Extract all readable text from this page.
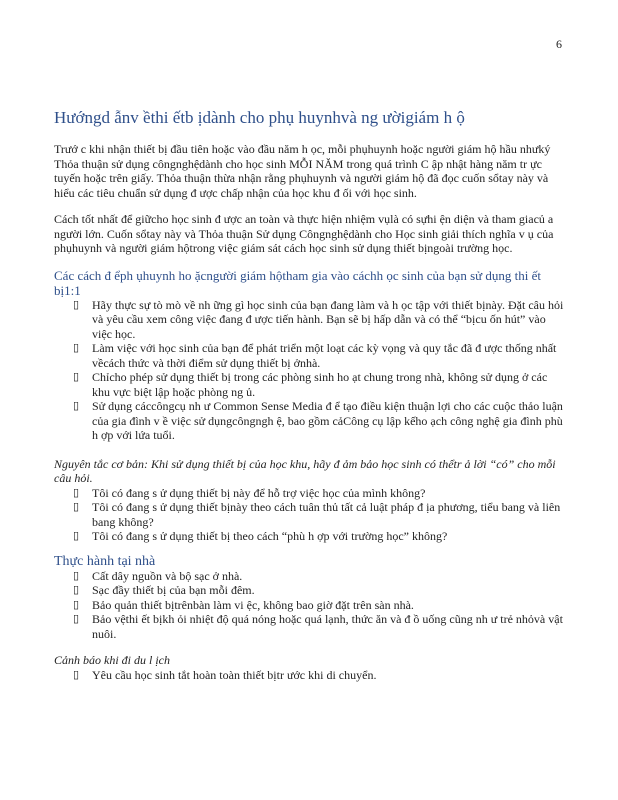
6
Hướngd ẫnv ềthi ếtb ịdành cho phụ huynhvà ng ườigiám h ộ

Trướ c khi nhận thiết bị đầu tiên hoặc vào đầu năm h ọc, mỗi phụhuynh hoặc người giám hộ hầu nhưký Thỏa thuận sử dụng côngnghệdành cho học sinh MỖI NĂM trong quá trình C ập nhật hàng năm tr ực tuyến hoặc trên giấy. Thỏa thuận thừa nhận rằng phụhuynh và người giám hộ đã đọc cuốn sổtay này và hiểu các tiêu chuẩn sử dụng đ ược chấp nhận của học khu đ ối với học sinh.

Cách tốt nhất để giữcho học sinh đ ược an toàn và thực hiện nhiệm vụlà có sựhi ện diện và tham giacủ a người lớn. Cuốn sổtay này và Thỏa thuận Sử dụng Côngnghệdành cho Học sinh giải thích nghĩa v ụ của phụhuynh và người giám hộtrong việc giám sát cách học sinh sử dụng thiết bịngoài trường học.

Các cách đ ểph ụhuynh ho ặcngười giám hộtham gia vào cáchh ọc sinh của bạn sử dụng thi ết bị1:1
▯ Hãy thực sự tò mò về nh ững gì học sinh của bạn đang làm và h ọc tập với thiết bịnày. Đặt câu hỏi và yêu cầu xem công việc đang đ ược tiến hành. Bạn sẽ bị hấp dẫn và có thể “bịcu ốn hút” vào việc học.
▯ Làm việc với học sinh của bạn để phát triển một loạt các kỳ vọng và quy tắc đã đ ược thống nhất vềcách thức và thời điểm sử dụng thiết bị ởnhà.
▯ Chỉcho phép sử dụng thiết bị trong các phòng sinh ho ạt chung trong nhà, không sử dụng ở các khu vực biệt lập hoặc phòng ng ủ.
▯ Sử dụng cáccôngcụ nh ư Common Sense Media đ ể tạo điều kiện thuận lợi cho các cuộc thảo luận của gia đình v ề việc sử dụngcôngngh ệ, bao gồm cảCông cụ lập kếho ạch công nghệ gia đình phù h ợp với lứa tuổi.

Nguyên tắc cơ bản: Khi sử dụng thiết bị của học khu, hãy đ ảm bảo học sinh có thểtr ả lời “có” cho mỗi câu hỏi.

▯ Tôi có đang s ử dụng thiết bị này để hỗ trợ việc học của mình không?
▯ Tôi có đang s ử dụng thiết bịnày theo cách tuân thủ tất cả luật pháp đ ịa phương, tiểu bang và liên bang không?
▯ Tôi có đang s ử dụng thiết bị theo cách “phù h ợp với trường học” không?
Thực hành tại nhà
▯ Cất dây nguồn và bộ sạc ở nhà.
▯ Sạc đầy thiết bị của bạn mỗi đêm.
▯ Bảo quản thiết bịtrênbàn làm vi ệc, không bao giờ đặt trên sàn nhà.
▯ Bảo vệthi ết bịkh ỏi nhiệt độ quá nóng hoặc quá lạnh, thức ăn và đ ồ uống cũng nh ư trẻ nhỏvà vật nuôi.

Cảnh báo khi đi du l ịch

▯ Yêu cầu học sinh tắt hoàn toàn thiết bịtr ước khi di chuyển.
